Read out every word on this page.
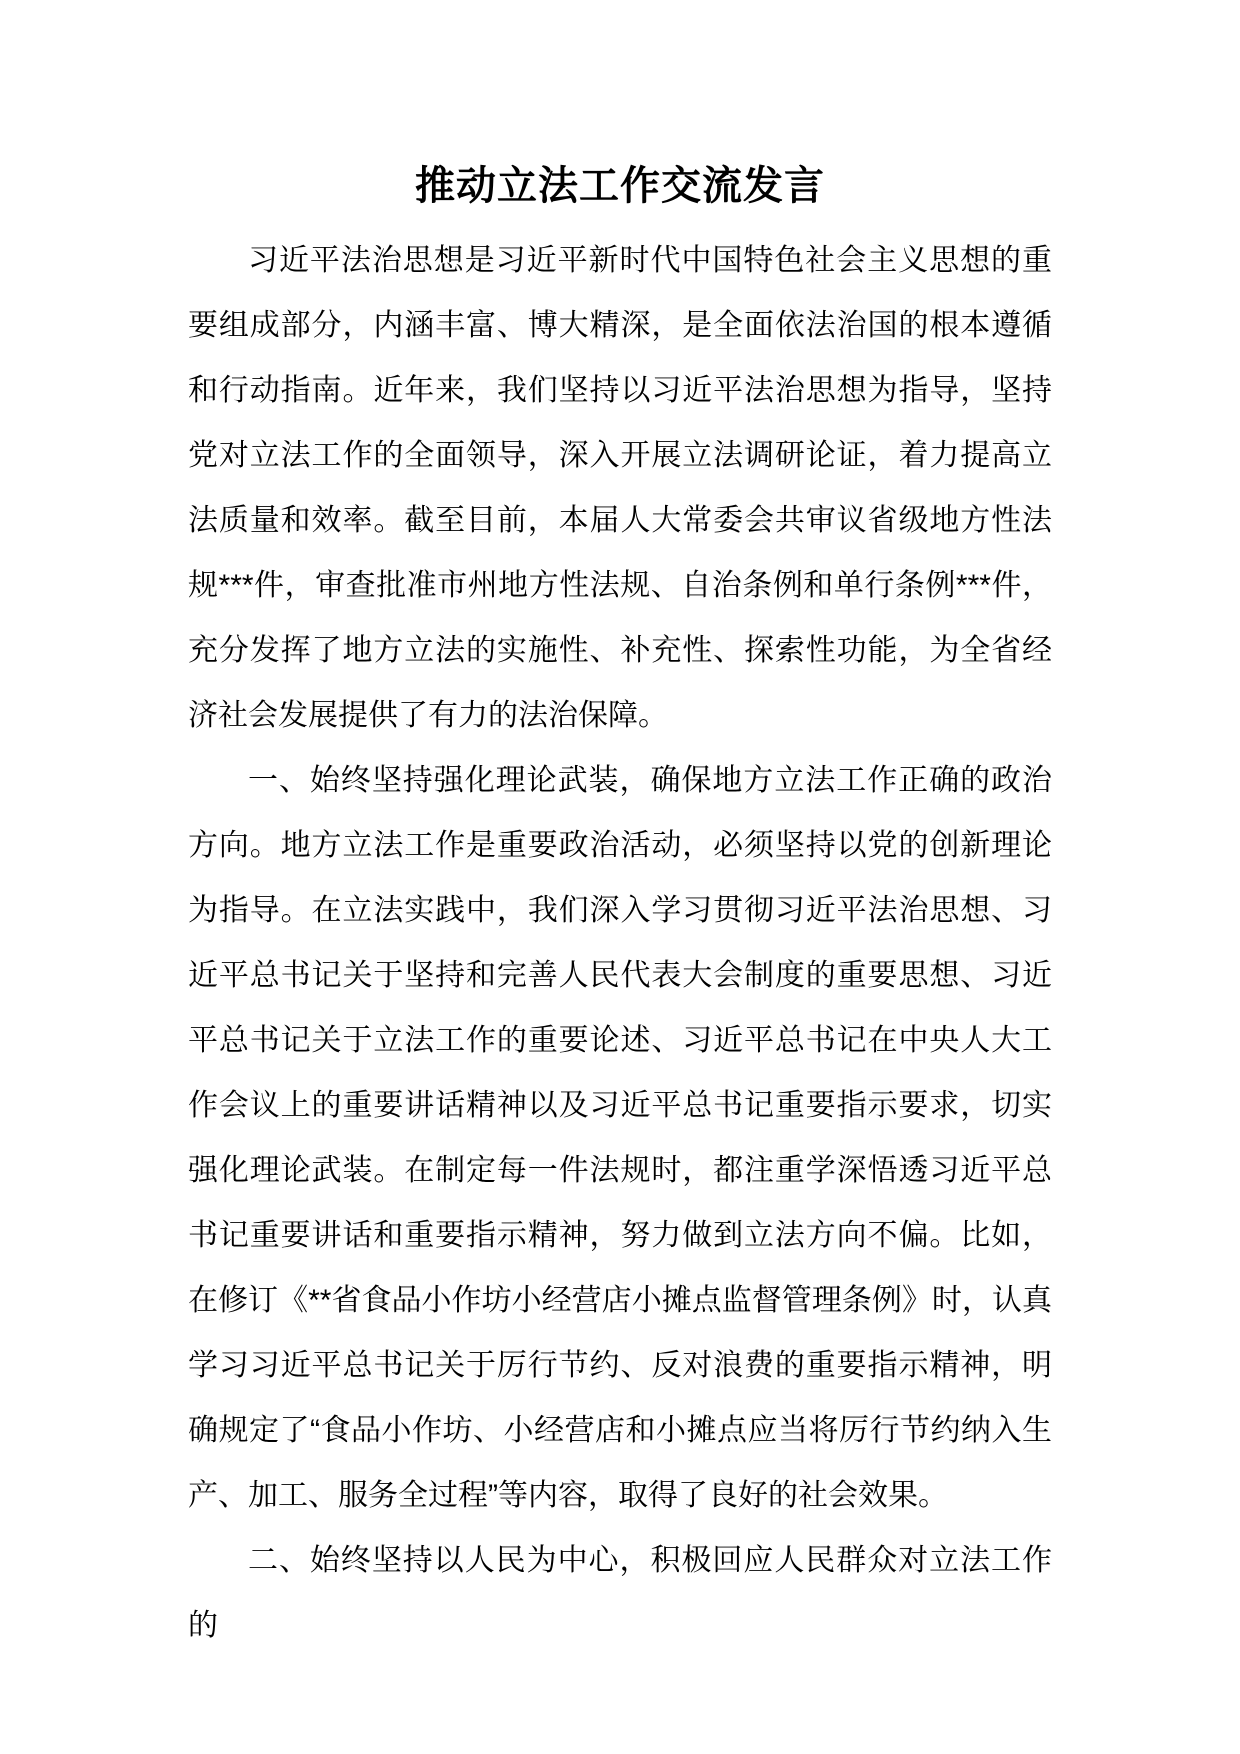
推动立法工作交流发言

习近平法治思想是习近平新时代中国特色社会主义思想的重要组成部分，内涵丰富、博大精深，是全面依法治国的根本遵循和行动指南。近年来，我们坚持以习近平法治思想为指导，坚持党对立法工作的全面领导，深入开展立法调研论证，着力提高立法质量和效率。截至目前，本届人大常委会共审议省级地方性法规***件，审查批准市州地方性法规、自治条例和单行条例***件，充分发挥了地方立法的实施性、补充性、探索性功能，为全省经济社会发展提供了有力的法治保障。

一、始终坚持强化理论武装，确保地方立法工作正确的政治方向。地方立法工作是重要政治活动，必须坚持以党的创新理论为指导。在立法实践中，我们深入学习贯彻习近平法治思想、习近平总书记关于坚持和完善人民代表大会制度的重要思想、习近平总书记关于立法工作的重要论述、习近平总书记在中央人大工作会议上的重要讲话精神以及习近平总书记重要指示要求，切实强化理论武装。在制定每一件法规时，都注重学深悟透习近平总书记重要讲话和重要指示精神，努力做到立法方向不偏。比如，在修订《**省食品小作坊小经营店小摊点监督管理条例》时，认真学习习近平总书记关于厉行节约、反对浪费的重要指示精神，明确规定了“食品小作坊、小经营店和小摊点应当将厉行节约纳入生产、加工、服务全过程”等内容，取得了良好的社会效果。

二、始终坚持以人民为中心，积极回应人民群众对立法工作的
